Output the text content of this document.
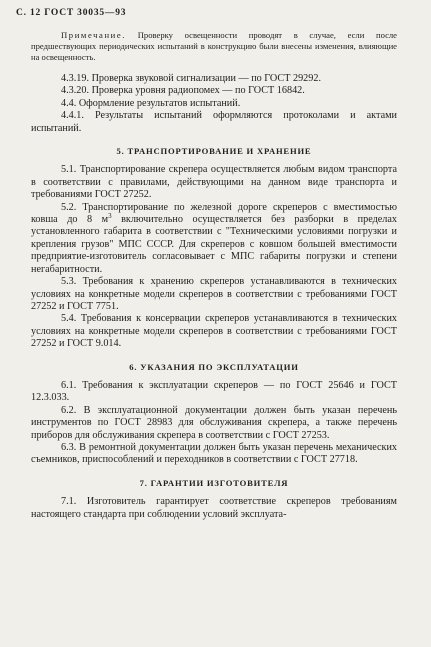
С. 12 ГОСТ 30035—93

Примечание. Проверку освещенности проводят в случае, если после предшествующих периодических испытаний в конструкцию были внесены изменения, влияющие на освещенность.

4.3.19. Проверка звуковой сигнализации — по ГОСТ 29292.

4.3.20. Проверка уровня радиопомех — по ГОСТ 16842.

4.4. Оформление результатов испытаний.

4.4.1. Результаты испытаний оформляются протоколами и актами испытаний.

5. ТРАНСПОРТИРОВАНИЕ И ХРАНЕНИЕ

5.1. Транспортирование скрепера осуществляется любым видом транспорта в соответствии с правилами, действующими на данном виде транспорта и требованиями ГОСТ 27252.

5.2. Транспортирование по железной дороге скреперов с вместимостью ковша до 8 $м^3$ включительно осуществляется без разборки в пределах установленного габарита в соответствии с "Техническими условиями погрузки и крепления грузов" МПС СССР. Для скреперов с ковшом большей вместимости предприятие-изготовитель согласовывает с МПС габариты погрузки и степени негабаритности.

5.3. Требования к хранению скреперов устанавливаются в технических условиях на конкретные модели скреперов в соответствии с требованиями ГОСТ 27252 и ГОСТ 7751.

5.4. Требования к консервации скреперов устанавливаются в технических условиях на конкретные модели скреперов в соответствии с требованиями ГОСТ 27252 и ГОСТ 9.014.

6. УКАЗАНИЯ ПО ЭКСПЛУАТАЦИИ

6.1. Требования к эксплуатации скреперов — по ГОСТ 25646 и ГОСТ 12.3.033.

6.2. В эксплуатационной документации должен быть указан перечень инструментов по ГОСТ 28983 для обслуживания скрепера, а также перечень приборов для обслуживания скрепера в соответствии с ГОСТ 27253.

6.3. В ремонтной документации должен быть указан перечень механических съемников, приспособлений и переходников в соответствии с ГОСТ 27718.

7. ГАРАНТИИ ИЗГОТОВИТЕЛЯ

7.1. Изготовитель гарантирует соответствие скреперов требованиям настоящего стандарта при соблюдении условий эксплуата-
